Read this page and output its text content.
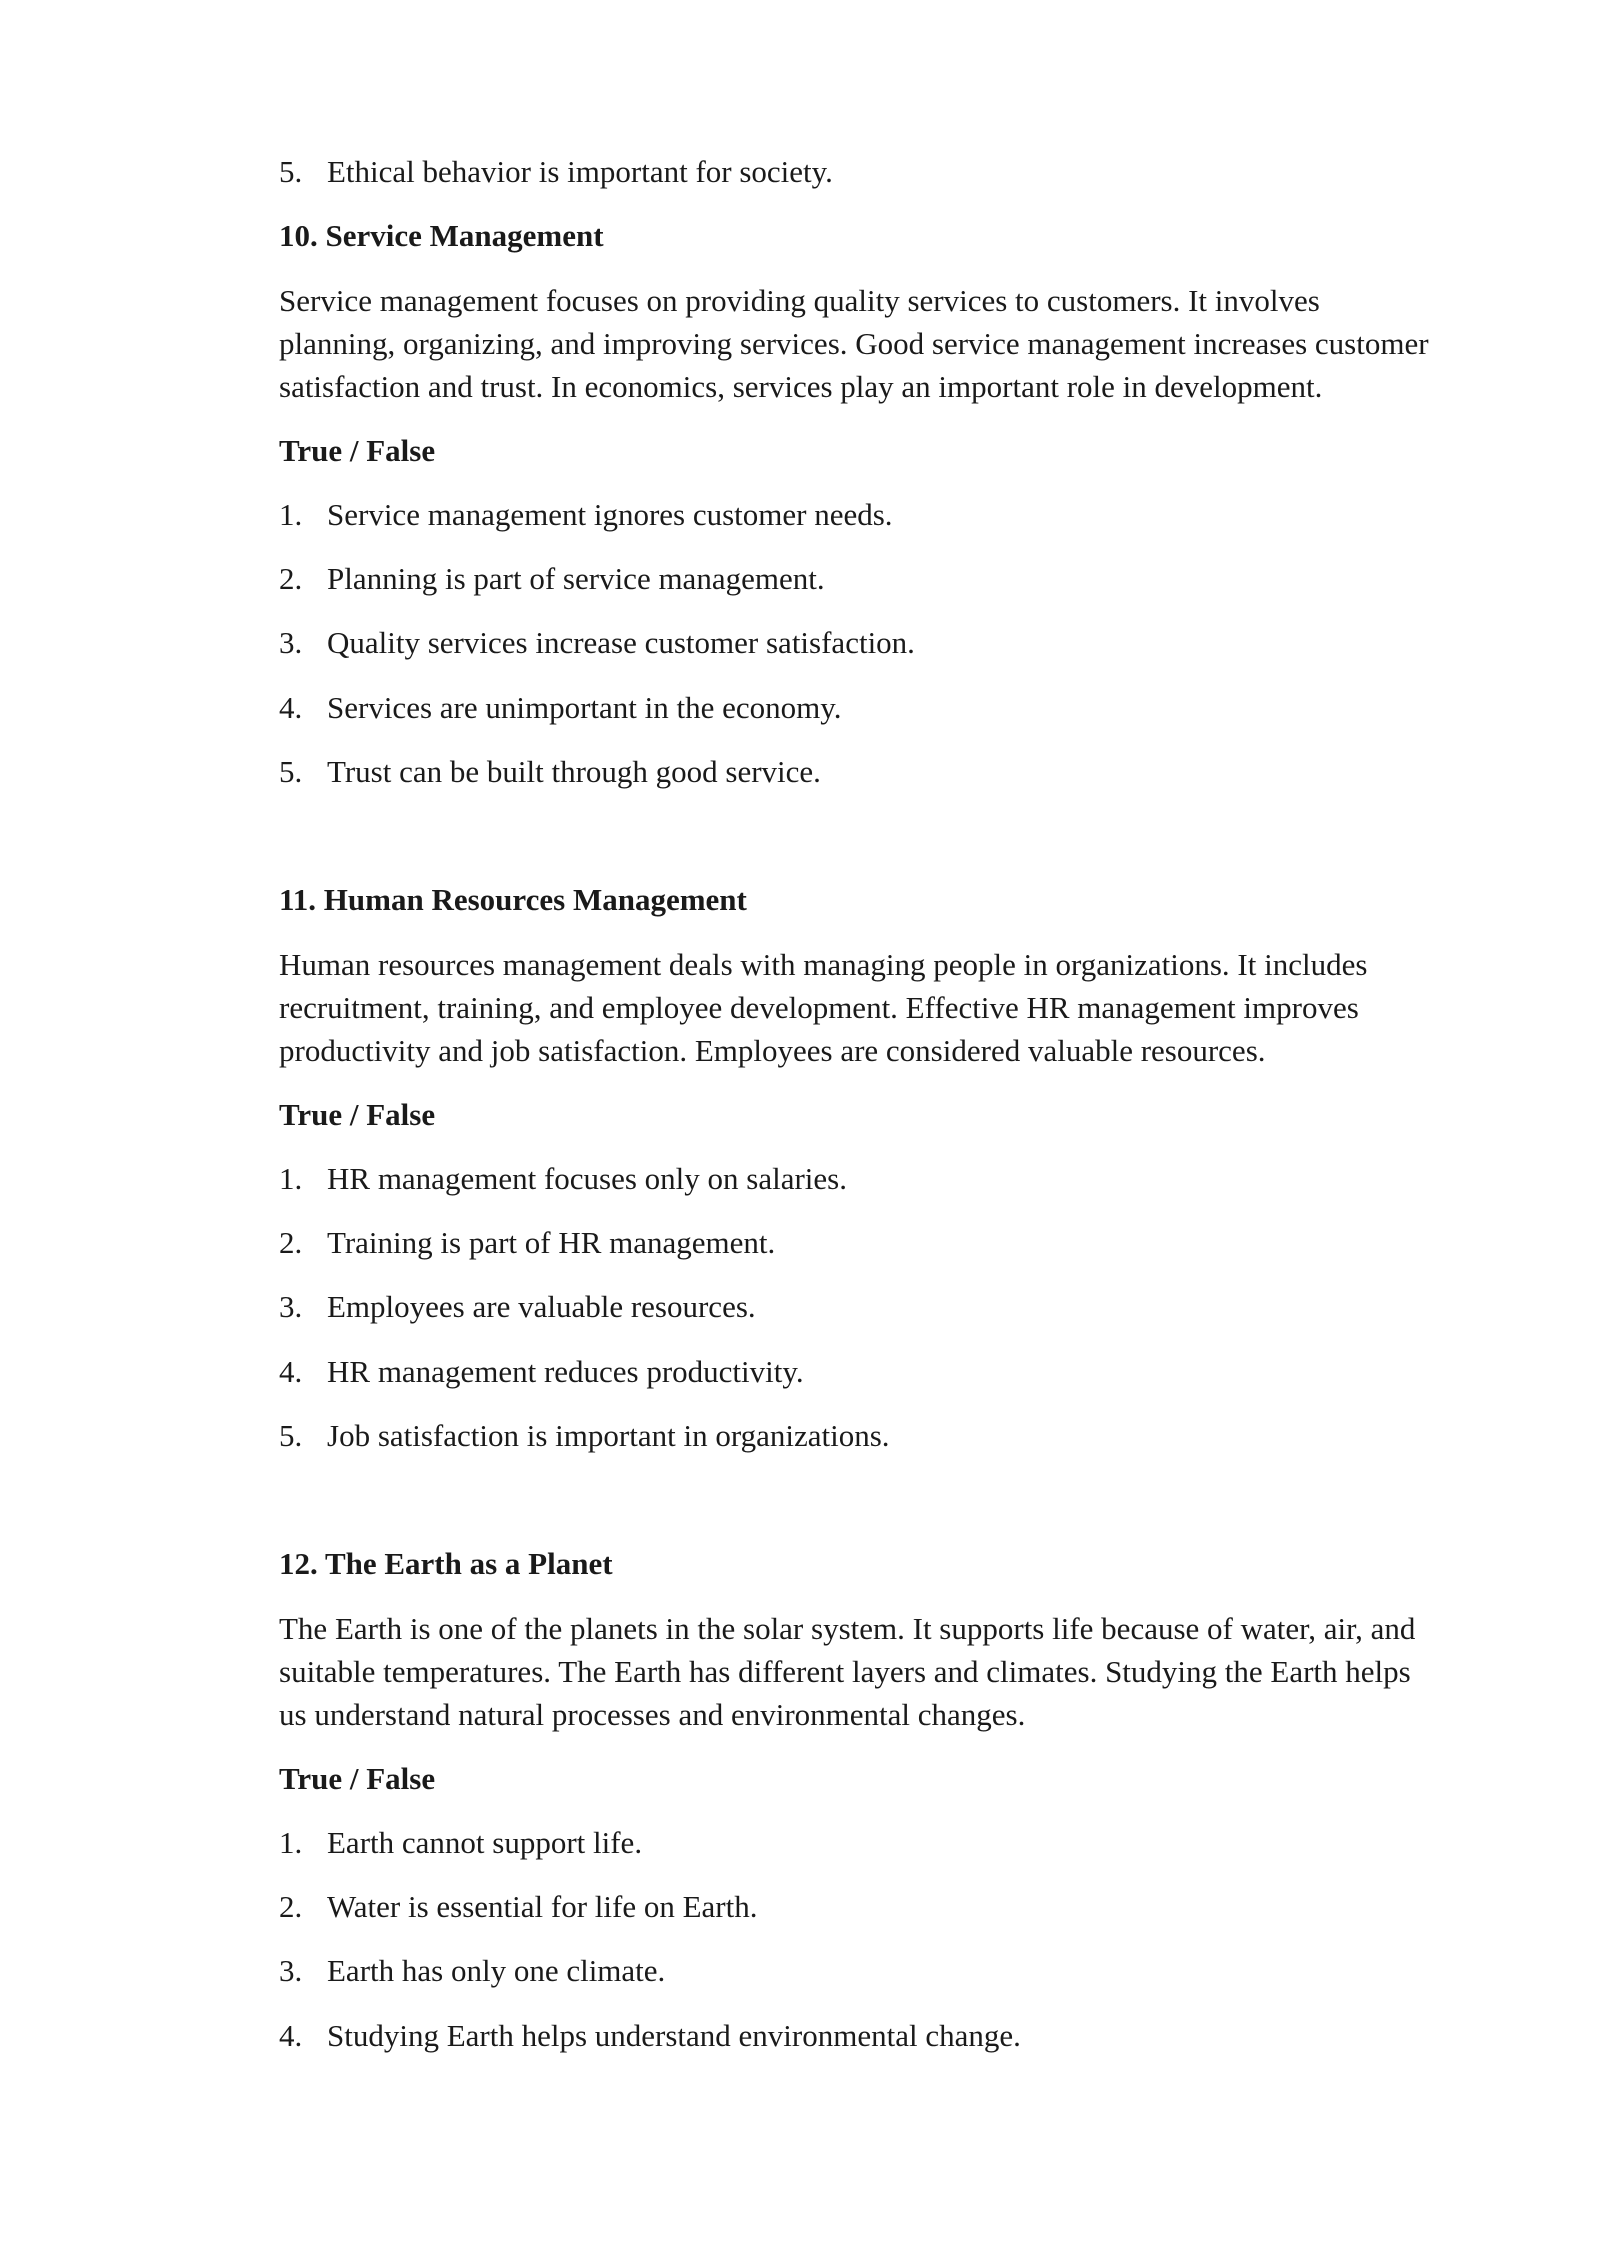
5. Ethical behavior is important for society.
10. Service Management
Service management focuses on providing quality services to customers. It involves
planning, organizing, and improving services. Good service management increases customer
satisfaction and trust. In economics, services play an important role in development.
True / False
1. Service management ignores customer needs.
2. Planning is part of service management.
3. Quality services increase customer satisfaction.
4. Services are unimportant in the economy.
5. Trust can be built through good service.
11. Human Resources Management
Human resources management deals with managing people in organizations. It includes
recruitment, training, and employee development. Effective HR management improves
productivity and job satisfaction. Employees are considered valuable resources.
True / False
1. HR management focuses only on salaries.
2. Training is part of HR management.
3. Employees are valuable resources.
4. HR management reduces productivity.
5. Job satisfaction is important in organizations.
12. The Earth as a Planet
The Earth is one of the planets in the solar system. It supports life because of water, air, and
suitable temperatures. The Earth has different layers and climates. Studying the Earth helps
us understand natural processes and environmental changes.
True / False
1. Earth cannot support life.
2. Water is essential for life on Earth.
3. Earth has only one climate.
4. Studying Earth helps understand environmental change.
